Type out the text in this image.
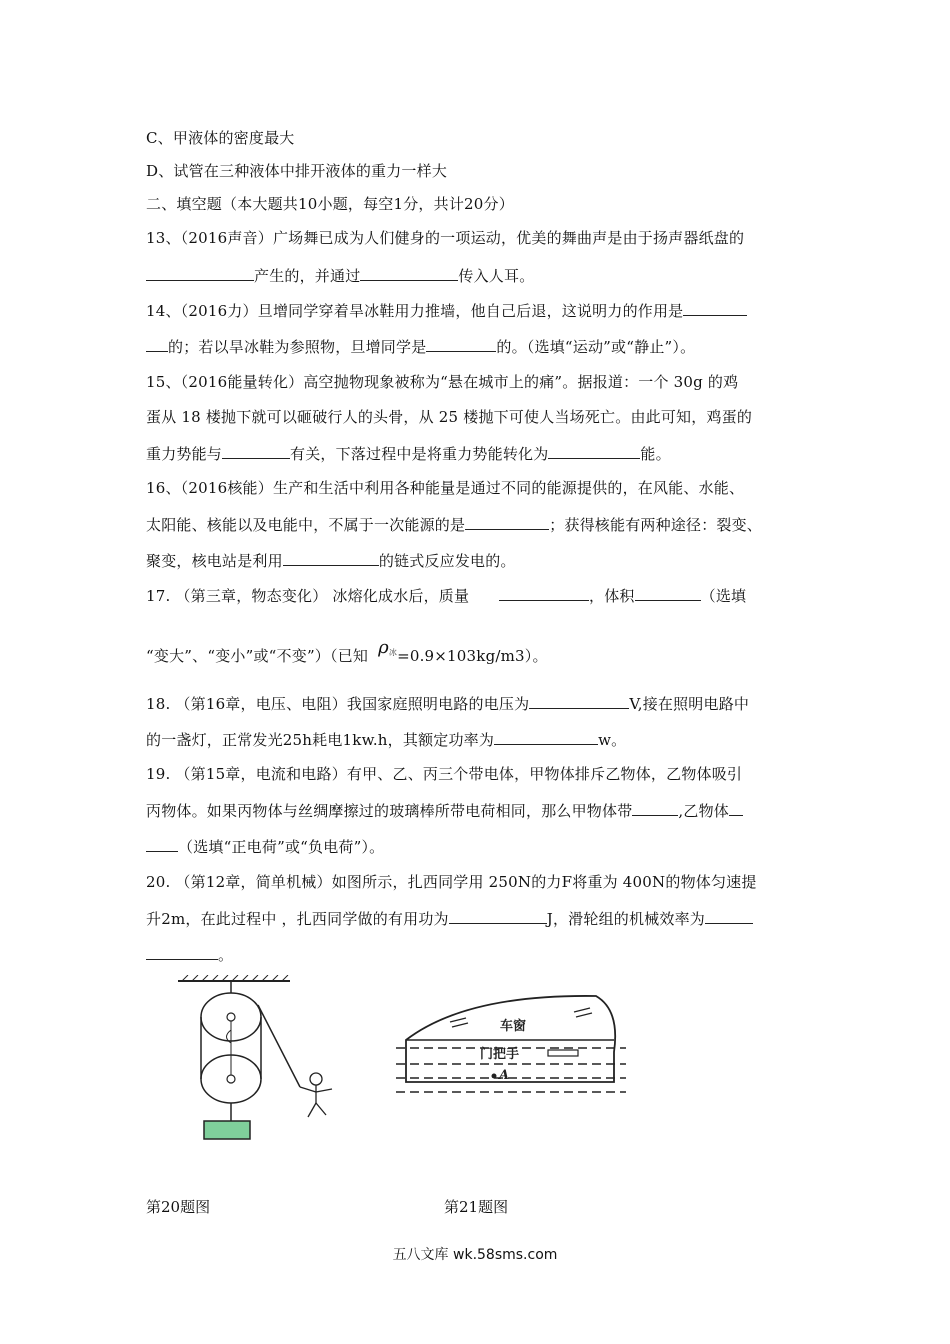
C、甲液体的密度最大
D、试管在三种液体中排开液体的重力一样大
二、填空题（本大题共10小题，每空1分，共计20分）
13、（2016声音）广场舞已成为人们健身的一项运动，优美的舞曲声是由于扬声器纸盘的
产生的，并通过	传入人耳。
14、（2016力）旦增同学穿着旱冰鞋用力推墙，他自己后退，这说明力的作用是
的；若以旱冰鞋为参照物，旦增同学是	的。（选填“运动”或“静止”）。
15、（2016能量转化）高空抛物现象被称为“悬在城市上的痛”。据报道：一个 30g 的鸡
蛋从 18 楼抛下就可以砸破行人的头骨，从 25 楼抛下可使人当场死亡。由此可知，鸡蛋的
重力势能与	有关，下落过程中是将重力势能转化为	能。
16、（2016核能）生产和生活中利用各种能量是通过不同的能源提供的，在风能、水能、
太阳能、核能以及电能中，不属于一次能源的是	；获得核能有两种途径：裂变、
聚变，核电站是利用	的链式反应发电的。
17. （第三章，物态变化） 冰熔化成水后，质量	，体积	（选填
“变大”、“变小”或“不变”）（已知 $\rho^冰=0.9\times 103kg/m3$）。
18. （第16章，电压、电阻）我国家庭照明电路的电压为	V,接在照明电路中
的一盏灯，正常发光25h耗电1kw.h，其额定功率为	w。
19. （第15章，电流和电路）有甲、乙、丙三个带电体，甲物体排斥乙物体，乙物体吸引
丙物体。如果丙物体与丝绸摩擦过的玻璃棒所带电荷相同，那么甲物体带	,乙物体
（选填“正电荷”或“负电荷”）。
20. （第12章，简单机械）如图所示，扎西同学用 250N的力F将重为 400N的物体匀速提
升2m，在此过程中 ，扎西同学做的有用功为	J，滑轮组的机械效率为
。
车窗
门把手
A
第20题图	第21题图
五八文库 wk.58sms.com
